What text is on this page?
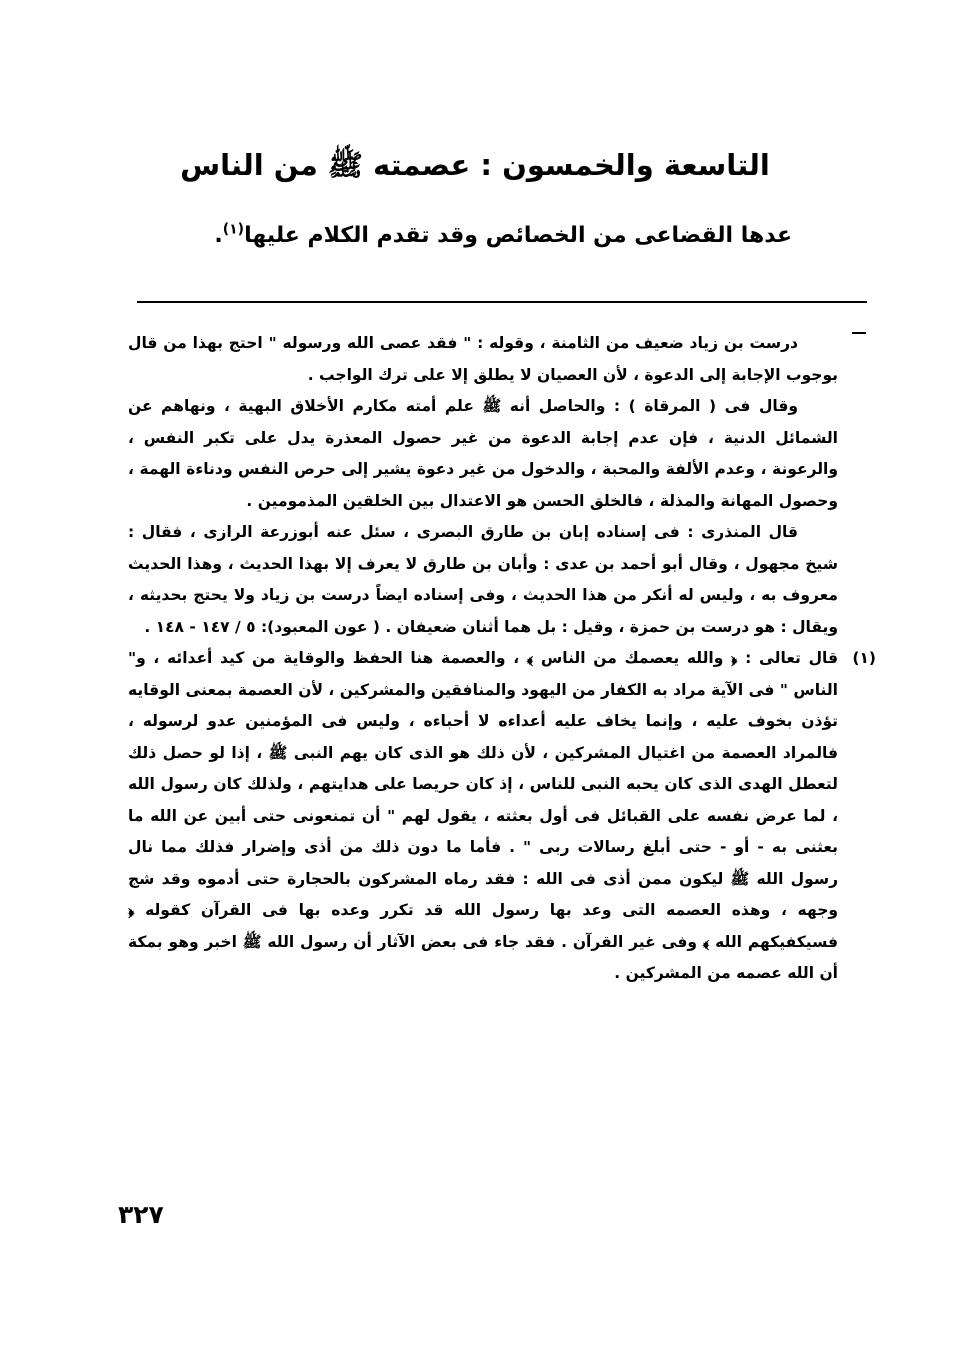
التاسعة والخمسون : عصمته ﷺ من الناس
عدها القضاعى من الخصائص وقد تقدم الكلام عليها$^{(١)}$.

درست بن زياد ضعيف من الثامنة ، وقوله : " فقد عصى الله ورسوله " احتج بهذا من قال بوجوب الإجابة إلى الدعوة ، لأن العصيان لا يطلق إلا على ترك الواجب .

وقال فى ( المرقاة ) : والحاصل أنه ﷺ علم أمته مكارم الأخلاق البهية ، ونهاهم عن الشمائل الدنية ، فإن عدم إجابة الدعوة من غير حصول المعذرة يدل على تكبر النفس ، والرعونة ، وعدم الألفة والمحبة ، والدخول من غير دعوة يشير إلى حرص النفس ودناءة الهمة ، وحصول المهانة والمذلة ، فالخلق الحسن هو الاعتدال بين الخلقين المذمومين .

قال المنذرى : فى إسناده إبان بن طارق البصرى ، سئل عنه أبوزرعة الرازى ، فقال : شيخ مجهول ، وقال أبو أحمد بن عدى : وأبان بن طارق لا يعرف إلا بهذا الحديث ، وهذا الحديث معروف به ، وليس له أنكر من هذا الحديث ، وفى إسناده ايضاً درست بن زياد ولا يحتج بحديثه ، ويقال : هو درست بن حمزة ، وقيل : بل هما أثنان ضعيفان . ( عون المعبود): ٥ / ١٤٧ - ١٤٨ .

(١)
قال تعالى : ﴿ والله يعصمك من الناس ﴾ ، والعصمة هنا الحفظ والوقاية من كيد أعدائه ، و" الناس " فى الآية مراد به الكفار من اليهود والمنافقين والمشركين ، لأن العصمة بمعنى الوقايه تؤذن بخوف عليه ، وإنما يخاف عليه أعداءه لا أحباءه ، وليس فى المؤمنين عدو لرسوله ، فالمراد العصمة من اغتيال المشركين ، لأن ذلك هو الذى كان يهم النبى ﷺ ، إذا لو حصل ذلك لتعطل الهدى الذى كان يحبه النبى للناس ، إذ كان حريصا على هدايتهم ، ولذلك كان رسول الله ، لما عرض نفسه على القبائل فى أول بعثته ، يقول لهم " أن تمنعونى حتى أبين عن الله ما بعثنى به - أو - حتى أبلغ رسالات ربى " . فأما ما دون ذلك من أذى وإضرار فذلك مما نال رسول الله ﷺ ليكون ممن أذى فى الله : فقد رماه المشركون بالحجارة حتى أدموه وقد شج وجهه ، وهذه العصمه التى وعد بها رسول الله قد تكرر وعده بها فى القرآن كقوله ﴿ فسيكفيكهم الله ﴾ وفى غير القرآن . فقد جاء فى بعض الآثار أن رسول الله ﷺ اخبر وهو بمكة أن الله عصمه من المشركين .

٣٢٧
